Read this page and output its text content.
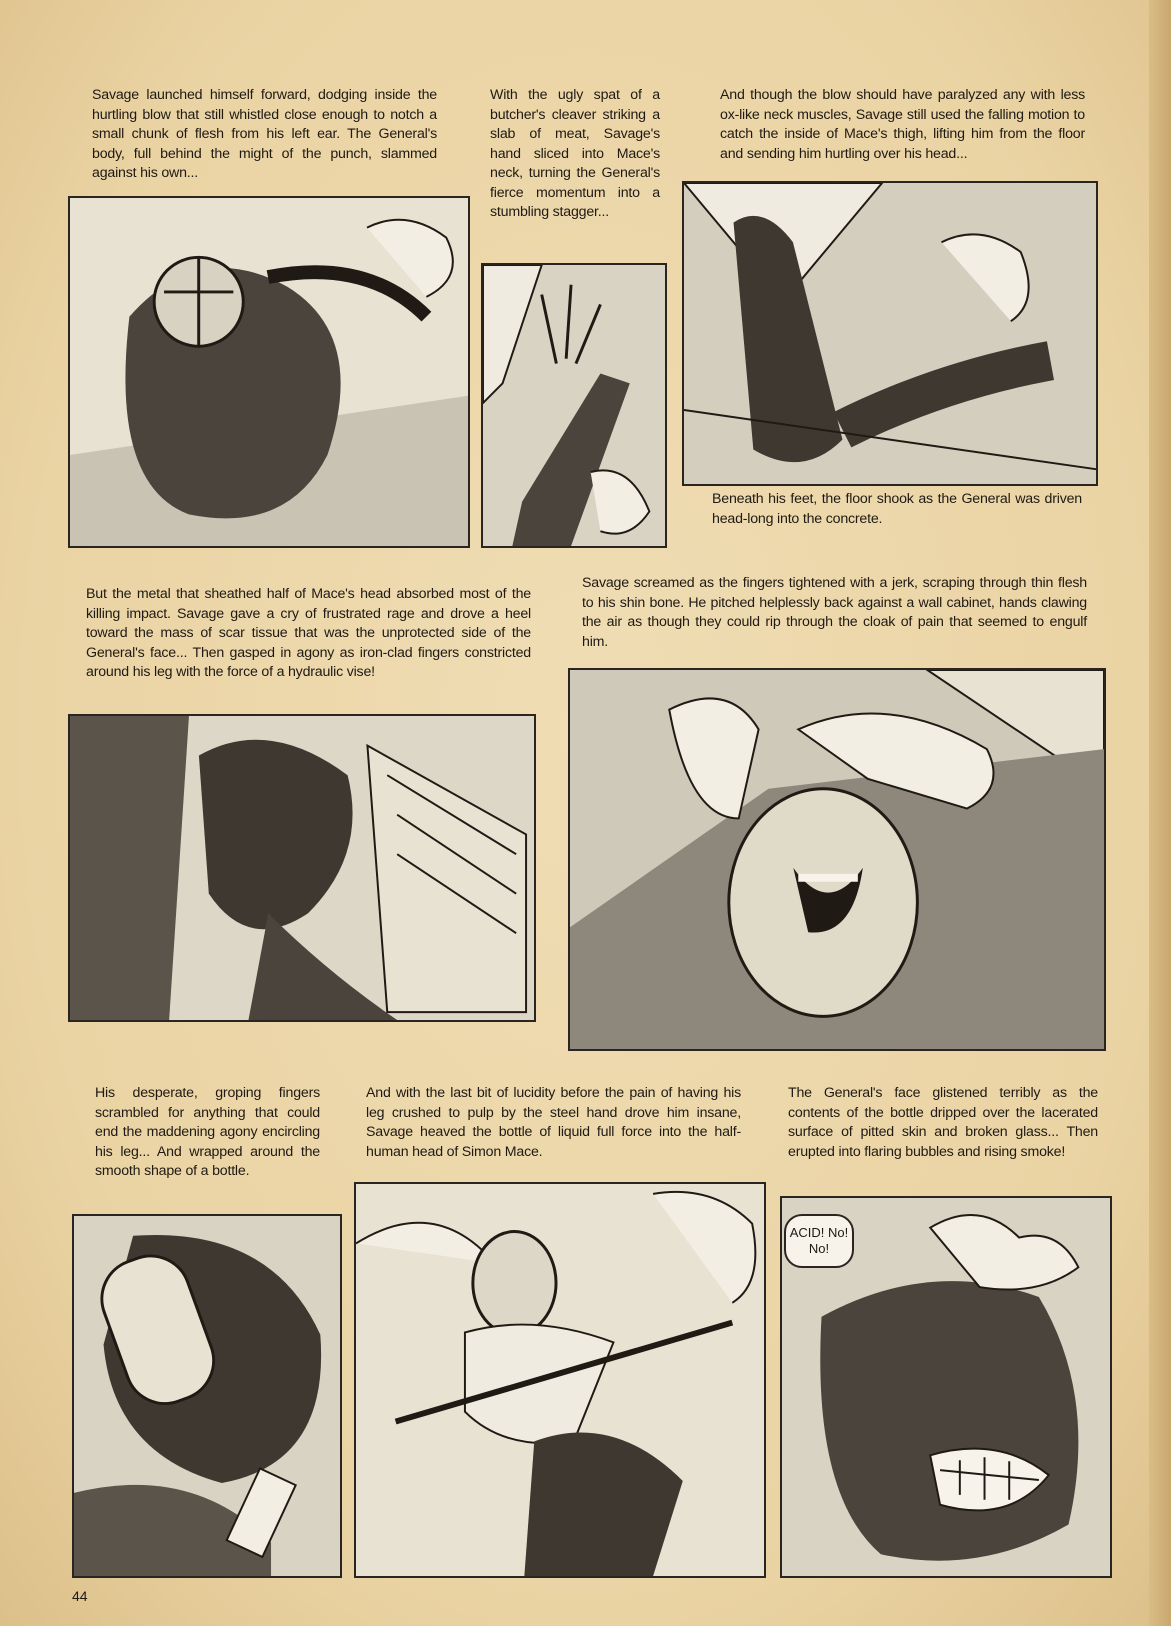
Savage launched himself forward, dodging inside the hurtling blow that still whistled close enough to notch a small chunk of flesh from his left ear. The General's body, full behind the might of the punch, slammed against his own...

With the ugly spat of a butcher's cleaver striking a slab of meat, Savage's hand sliced into Mace's neck, turning the General's fierce momentum into a stumbling stagger...

And though the blow should have paralyzed any with less ox-like neck muscles, Savage still used the falling motion to catch the inside of Mace's thigh, lifting him from the floor and sending him hurtling over his head...

Beneath his feet, the floor shook as the General was driven head-long into the concrete.

But the metal that sheathed half of Mace's head absorbed most of the killing impact. Savage gave a cry of frustrated rage and drove a heel toward the mass of scar tissue that was the unprotected side of the General's face... Then gasped in agony as iron-clad fingers constricted around his leg with the force of a hydraulic vise!

Savage screamed as the fingers tightened with a jerk, scraping through thin flesh to his shin bone. He pitched helplessly back against a wall cabinet, hands clawing the air as though they could rip through the cloak of pain that seemed to engulf him.

His desperate, groping fingers scrambled for anything that could end the maddening agony encircling his leg... And wrapped around the smooth shape of a bottle.

And with the last bit of lucidity before the pain of having his leg crushed to pulp by the steel hand drove him insane, Savage heaved the bottle of liquid full force into the half-human head of Simon Mace.

The General's face glistened terribly as the contents of the bottle dripped over the lacerated surface of pitted skin and broken glass... Then erupted into flaring bubbles and rising smoke!

ACID! No!
No!
44
